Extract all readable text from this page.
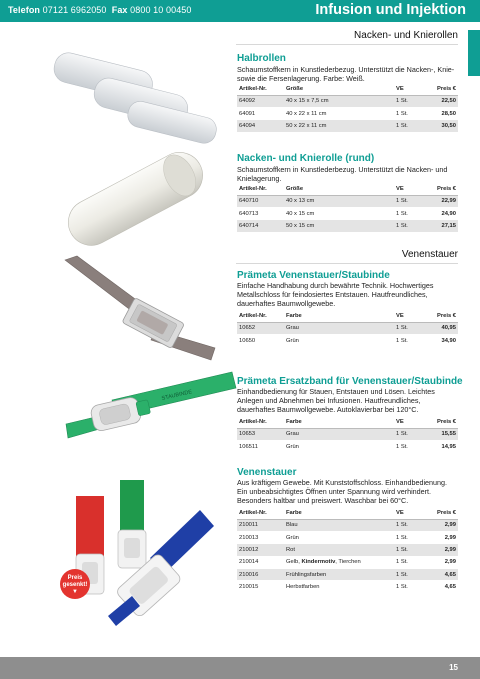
Telefon 07121 6962050 Fax 0800 10 00450	Infusion und Injektion
Nacken- und Knierollen
Halbrollen
Schaumstoffkern in Kunstlederbezug. Unterstützt die Nacken-, Knie- sowie die Fersenlagerung. Farbe: Weiß.
Artikel-Nr.	Größe	VE	Preis €
64092	40 x 15 x 7,5 cm	1 St.	22,50
64091	40 x 22 x 11 cm	1 St.	28,50
64094	50 x 22 x 11 cm	1 St.	30,50
Nacken- und Knierolle (rund)
Schaumstoffkern in Kunstlederbezug. Unterstützt die Nacken- und Knielagerung.
Artikel-Nr.	Größe	VE	Preis €
640710	40 x 13 cm	1 St.	22,99
640713	40 x 15 cm	1 St.	24,90
640714	50 x 15 cm	1 St.	27,15
Venenstauer
Prämeta Venenstauer/Staubinde
Einfache Handhabung durch bewährte Technik. Hochwertiges Metallschloss für feindosiertes Entstauen. Hautfreundliches, dauerhaftes Baumwollgewebe.
Artikel-Nr.	Farbe	VE	Preis €
10652	Grau	1 St.	40,95
10650	Grün	1 St.	34,90
STAUBINDE
Prämeta Ersatzband für Venenstauer/Staubinde
Einhandbedienung für Stauen, Entstauen und Lösen. Leichtes Anlegen und Abnehmen bei Infusionen. Hautfreundliches, dauerhaftes Baumwollgewebe. Autoklavierbar bei 120°C.
Artikel-Nr.	Farbe	VE	Preis €
10653	Grau	1 St.	15,55
106511	Grün	1 St.	14,95
Preis
gesenkt!
▼
Venenstauer
Aus kräftigem Gewebe. Mit Kunststoffschloss. Einhandbedienung. Ein unbeabsichtigtes Öffnen unter Spannung wird verhindert. Besonders haltbar und preiswert. Waschbar bei 60°C.
Artikel-Nr.	Farbe	VE	Preis €
210011	Blau	1 St.	2,99
210013	Grün	1 St.	2,99
210012	Rot	1 St.	2,99
210014	Gelb, Kindermotiv, Tierchen	1 St.	2,99
210016	Frühlingsfarben	1 St.	4,65
210015	Herbstfarben	1 St.	4,65
15
